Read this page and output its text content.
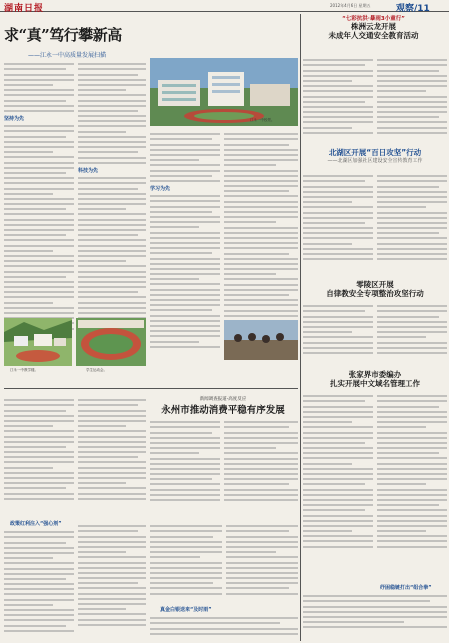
湖南日报	2012年4月6日 星期五	观察/11
求“真”笃行攀新高
——江永一中高质量发展扫描
坚持为先
科技为先
江永一中校景。
学习为先
江永一中教学楼。	学生运动会。
新闻调查报道-高度反应
永州市推动消费平稳有序发展
政策红利注入“强心剂”
真金白银送来“及时雨”
纾困稳链打出“组合拳”
“七彩抗洪·暴雨3小童行”
株洲云龙开展
未成年人交通安全教育活动
北湖区开展“百日攻坚”行动
——北湖区加强社区建设安全宣传教育工作
零陵区开展
自律教安全专项整治攻坚行动
张家界市委编办
扎实开展中文域名管理工作
